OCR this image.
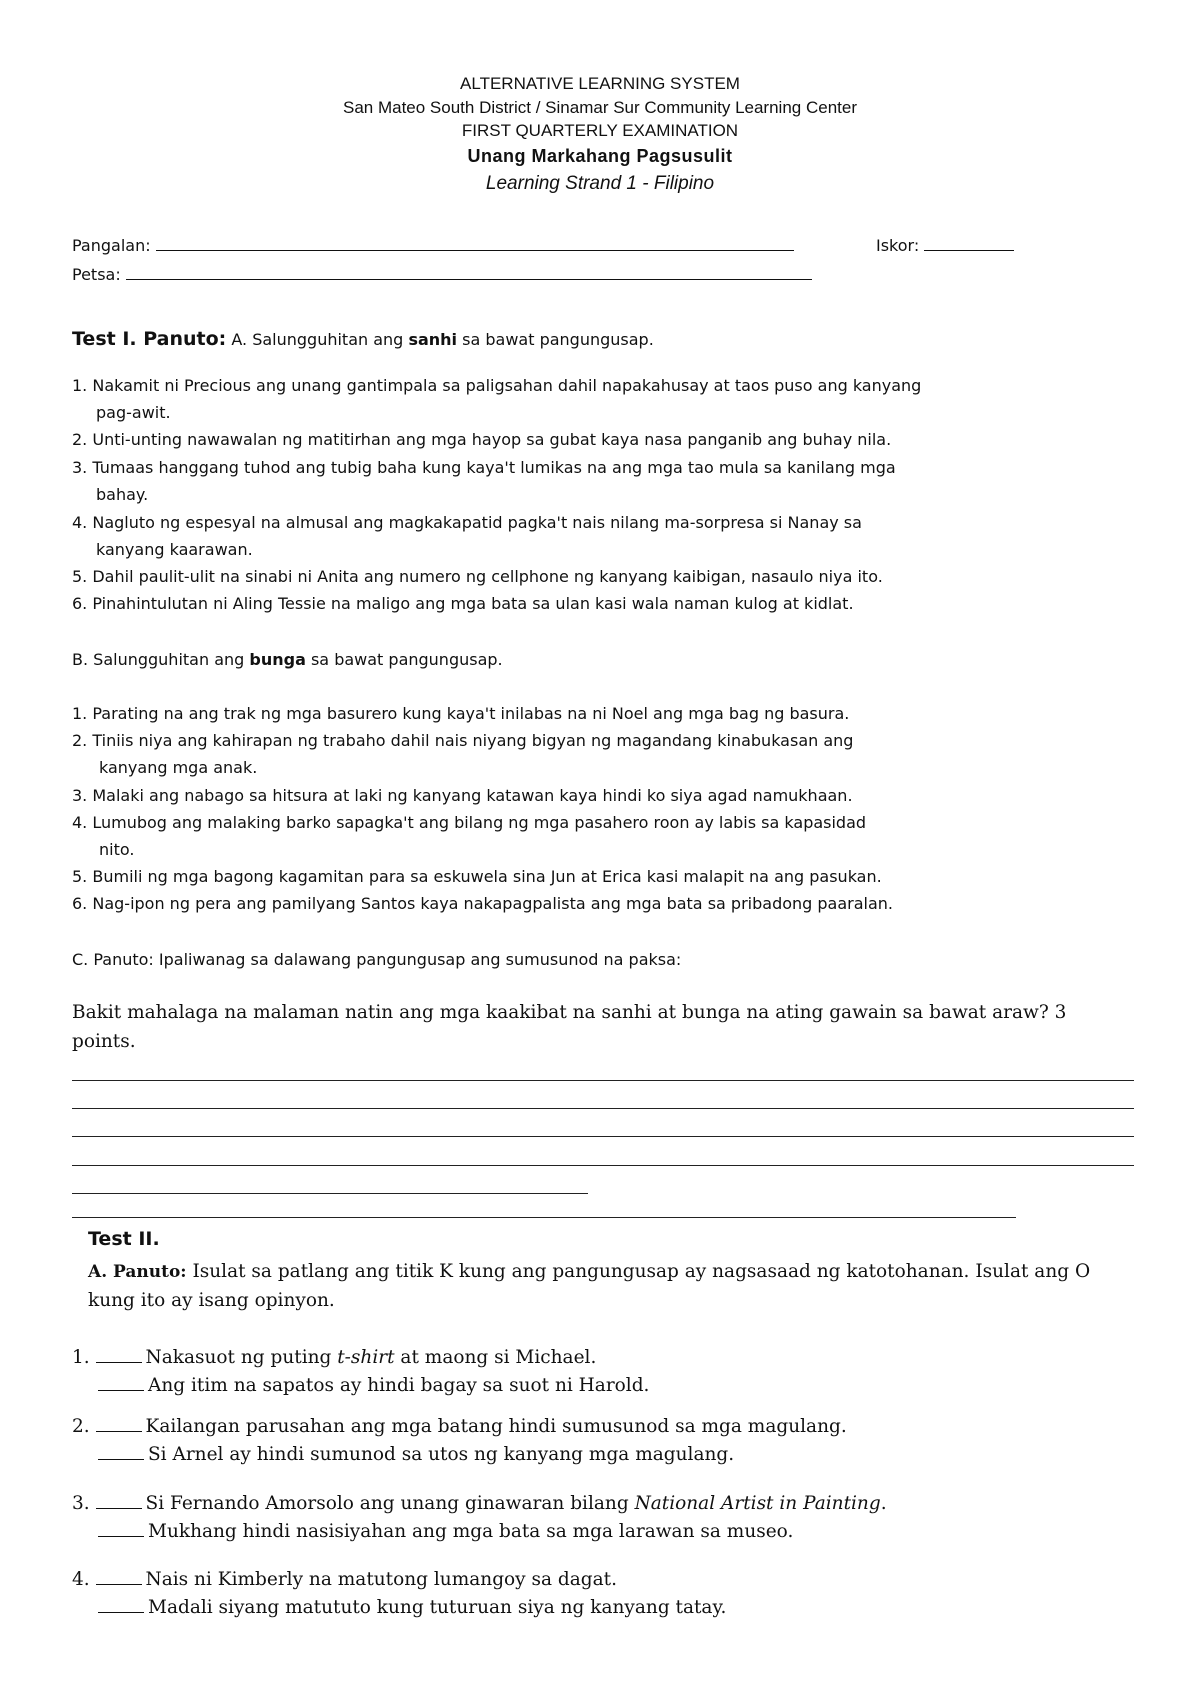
ALTERNATIVE LEARNING SYSTEM
San Mateo South District / Sinamar Sur Community Learning Center
FIRST QUARTERLY EXAMINATION
Unang Markahang Pagsusulit
Learning Strand 1 - Filipino
Pangalan:	Iskor:
Petsa:
Test I. Panuto: A. Salungguhitan ang sanhi sa bawat pangungusap.
1. Nakamit ni Precious ang unang gantimpala sa paligsahan dahil napakahusay at taos puso ang kanyang
pag-awit.
2. Unti-unting nawawalan ng matitirhan ang mga hayop sa gubat kaya nasa panganib ang buhay nila.
3. Tumaas hanggang tuhod ang tubig baha kung kaya't lumikas na ang mga tao mula sa kanilang mga
bahay.
4. Nagluto ng espesyal na almusal ang magkakapatid pagka't nais nilang ma-sorpresa si Nanay sa
kanyang kaarawan.
5. Dahil paulit-ulit na sinabi ni Anita ang numero ng cellphone ng kanyang kaibigan, nasaulo niya ito.
6. Pinahintulutan ni Aling Tessie na maligo ang mga bata sa ulan kasi wala naman kulog at kidlat.
B. Salungguhitan ang bunga sa bawat pangungusap.
1. Parating na ang trak ng mga basurero kung kaya't inilabas na ni Noel ang mga bag ng basura.
2. Tiniis niya ang kahirapan ng trabaho dahil nais niyang bigyan ng magandang kinabukasan ang
kanyang mga anak.
3. Malaki ang nabago sa hitsura at laki ng kanyang katawan kaya hindi ko siya agad namukhaan.
4. Lumubog ang malaking barko sapagka't ang bilang ng mga pasahero roon ay labis sa kapasidad
nito.
5. Bumili ng mga bagong kagamitan para sa eskuwela sina Jun at Erica kasi malapit na ang pasukan.
6. Nag-ipon ng pera ang pamilyang Santos kaya nakapagpalista ang mga bata sa pribadong paaralan.
C. Panuto: Ipaliwanag sa dalawang pangungusap ang sumusunod na paksa:
Bakit mahalaga na malaman natin ang mga kaakibat na sanhi at bunga na ating gawain sa bawat araw? 3
points.
Test II.
A. Panuto: Isulat sa patlang ang titik K kung ang pangungusap ay nagsasaad ng katotohanan. Isulat ang O
kung ito ay isang opinyon.
1.	Nakasuot ng puting t-shirt at maong si Michael.
Ang itim na sapatos ay hindi bagay sa suot ni Harold.
2.	Kailangan parusahan ang mga batang hindi sumusunod sa mga magulang.
Si Arnel ay hindi sumunod sa utos ng kanyang mga magulang.
3.	Si Fernando Amorsolo ang unang ginawaran bilang National Artist in Painting.
Mukhang hindi nasisiyahan ang mga bata sa mga larawan sa museo.
4.	Nais ni Kimberly na matutong lumangoy sa dagat.
Madali siyang matututo kung tuturuan siya ng kanyang tatay.
